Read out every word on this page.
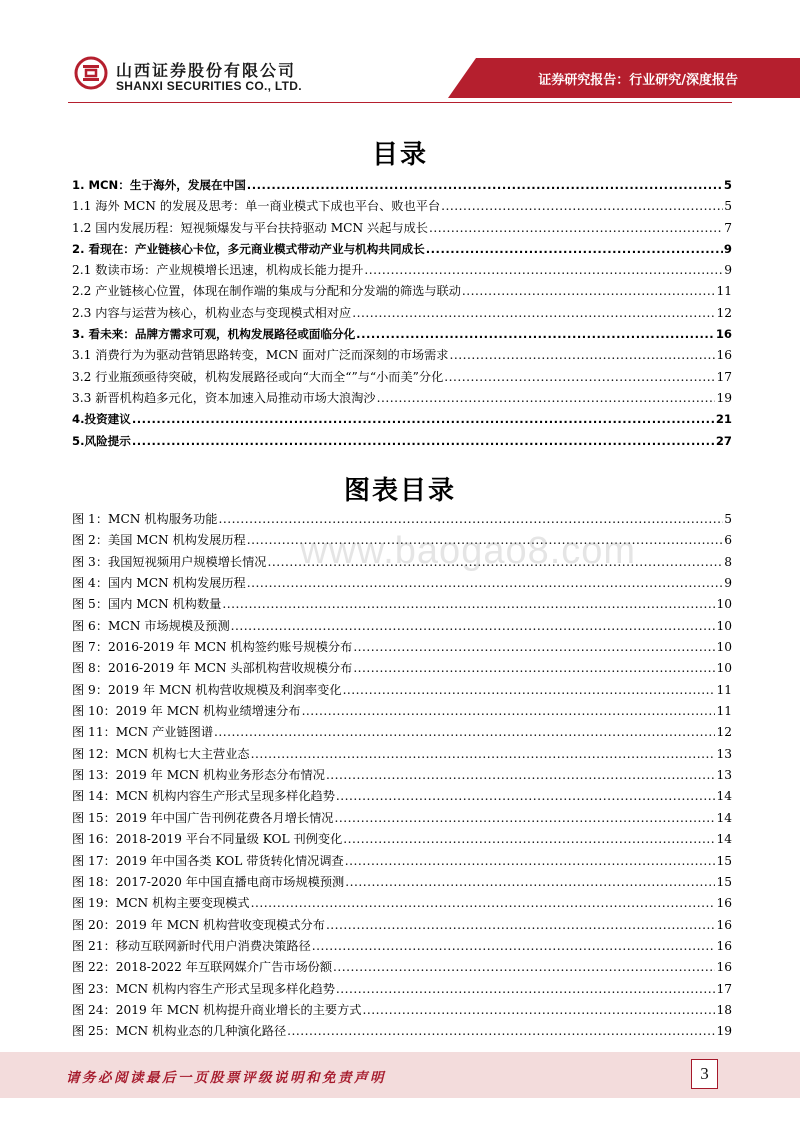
山西证券股份有限公司
SHANXI SECURITIES CO., LTD.	证券研究报告：行业研究/深度报告
目录
1. MCN：生于海外，发展在中国 .....	5
1.1 海外 MCN 的发展及思考：单一商业模式下成也平台、败也平台 .....	5
1.2 国内发展历程：短视频爆发与平台扶持驱动 MCN 兴起与成长 .....	7
2. 看现在：产业链核心卡位，多元商业模式带动产业与机构共同成长 .....	9
2.1 数读市场：产业规模增长迅速，机构成长能力提升 .....	9
2.2 产业链核心位置，体现在制作端的集成与分配和分发端的筛选与联动 .....	11
2.3 内容与运营为核心，机构业态与变现模式相对应 .....	12
3. 看未来：品牌方需求可观，机构发展路径或面临分化 .....	16
3.1 消费行为为驱动营销思路转变，MCN 面对广泛而深刻的市场需求 .....	16
3.2 行业瓶颈亟待突破，机构发展路径或向“大而全“”与“小而美”分化 .....	17
3.3 新晋机构趋多元化，资本加速入局推动市场大浪淘沙 .....	19
4.投资建议 .....	21
5.风险提示 .....	27
图表目录
图 1：MCN 机构服务功能 .....	5
图 2：美国 MCN 机构发展历程 .....	6
图 3：我国短视频用户规模增长情况 .....	8
图 4：国内 MCN 机构发展历程 .....	9
图 5：国内 MCN 机构数量 .....	10
图 6：MCN 市场规模及预测 .....	10
图 7：2016-2019 年 MCN 机构签约账号规模分布 .....	10
图 8：2016-2019 年 MCN 头部机构营收规模分布 .....	10
图 9：2019 年 MCN 机构营收规模及利润率变化 .....	11
图 10：2019 年 MCN 机构业绩增速分布 .....	11
图 11：MCN 产业链图谱 .....	12
图 12：MCN 机构七大主营业态 .....	13
图 13：2019 年 MCN 机构业务形态分布情况 .....	13
图 14：MCN 机构内容生产形式呈现多样化趋势 .....	14
图 15：2019 年中国广告刊例花费各月增长情况 .....	14
图 16：2018-2019 平台不同量级 KOL 刊例变化 .....	14
图 17：2019 年中国各类 KOL 带货转化情况调查 .....	15
图 18：2017-2020 年中国直播电商市场规模预测 .....	15
图 19：MCN 机构主要变现模式 .....	16
图 20：2019 年 MCN 机构营收变现模式分布 .....	16
图 21：移动互联网新时代用户消费决策路径 .....	16
图 22：2018-2022 年互联网媒介广告市场份额 .....	16
图 23：MCN 机构内容生产形式呈现多样化趋势 .....	17
图 24：2019 年 MCN 机构提升商业增长的主要方式 .....	18
图 25：MCN 机构业态的几种演化路径 .....	19
www.baogao8.com
请务必阅读最后一页股票评级说明和免责声明	3
